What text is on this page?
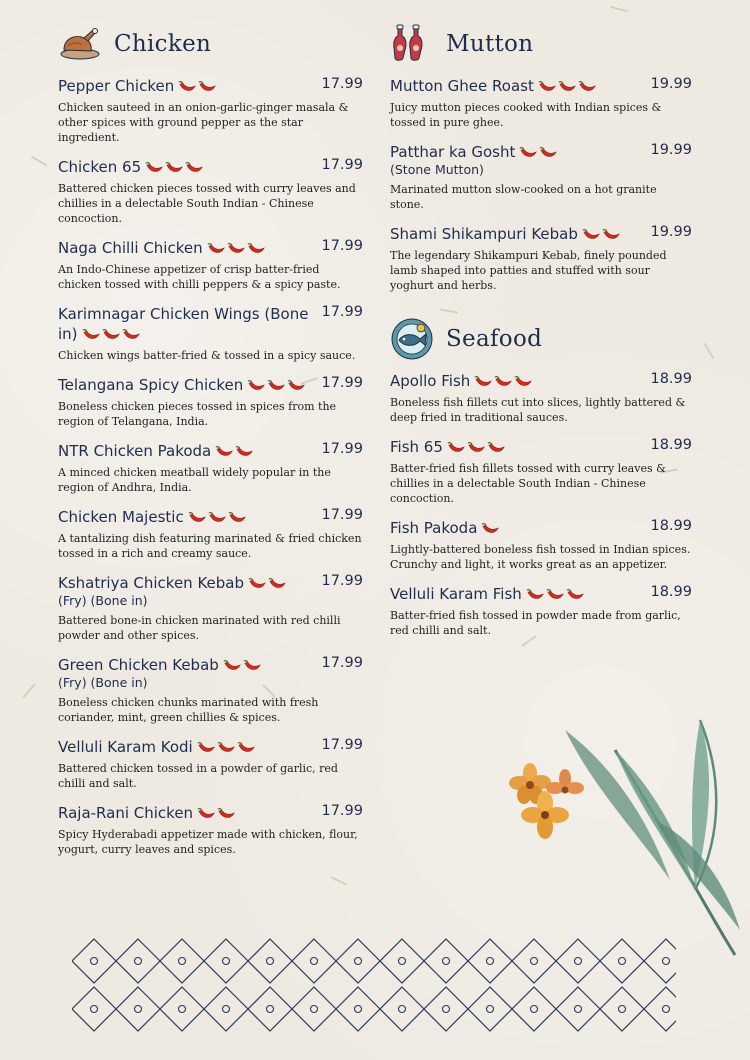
Chicken
Pepper Chicken	17.99
Chicken sauteed in an onion-garlic-ginger masala & other spices with ground pepper as the star ingredient.
Chicken 65	17.99
Battered chicken pieces tossed with curry leaves and chillies in a delectable South Indian - Chinese concoction.
Naga Chilli Chicken	17.99
An Indo-Chinese appetizer of crisp batter-fried chicken tossed with chilli peppers & a spicy paste.
Karimnagar Chicken Wings (Bone in)
17.99
Chicken wings batter-fried & tossed in a spicy sauce.
Telangana Spicy Chicken	17.99
Boneless chicken pieces tossed in spices from the region of Telangana, India.
NTR Chicken Pakoda	17.99
A minced chicken meatball widely popular in the region of Andhra, India.
Chicken Majestic	17.99
A tantalizing dish featuring marinated & fried chicken tossed in a rich and creamy sauce.
Kshatriya Chicken Kebab
(Fry) (Bone in)
17.99
Battered bone-in chicken marinated with red chilli powder and other spices.
Green Chicken Kebab
(Fry) (Bone in)
17.99
Boneless chicken chunks marinated with fresh coriander, mint, green chillies & spices.
Velluli Karam Kodi	17.99
Battered chicken tossed in a powder of garlic, red chilli and salt.
Raja-Rani Chicken	17.99
Spicy Hyderabadi appetizer made with chicken, flour, yogurt, curry leaves and spices.
Mutton
Mutton Ghee Roast	19.99
Juicy mutton pieces cooked with Indian spices & tossed in pure ghee.
Patthar ka Gosht
(Stone Mutton)
19.99
Marinated mutton slow-cooked on a hot granite stone.
Shami Shikampuri Kebab	19.99
The legendary Shikampuri Kebab, finely pounded lamb shaped into patties and stuffed with sour yoghurt and herbs.
Seafood
Apollo Fish	18.99
Boneless fish fillets cut into slices, lightly battered & deep fried in traditional sauces.
Fish 65	18.99
Batter-fried fish fillets tossed with curry leaves & chillies in a delectable South Indian - Chinese concoction.
Fish Pakoda	18.99
Lightly-battered boneless fish tossed in Indian spices. Crunchy and light, it works great as an appetizer.
Velluli Karam Fish	18.99
Batter-fried fish tossed in powder made from garlic, red chilli and salt.
